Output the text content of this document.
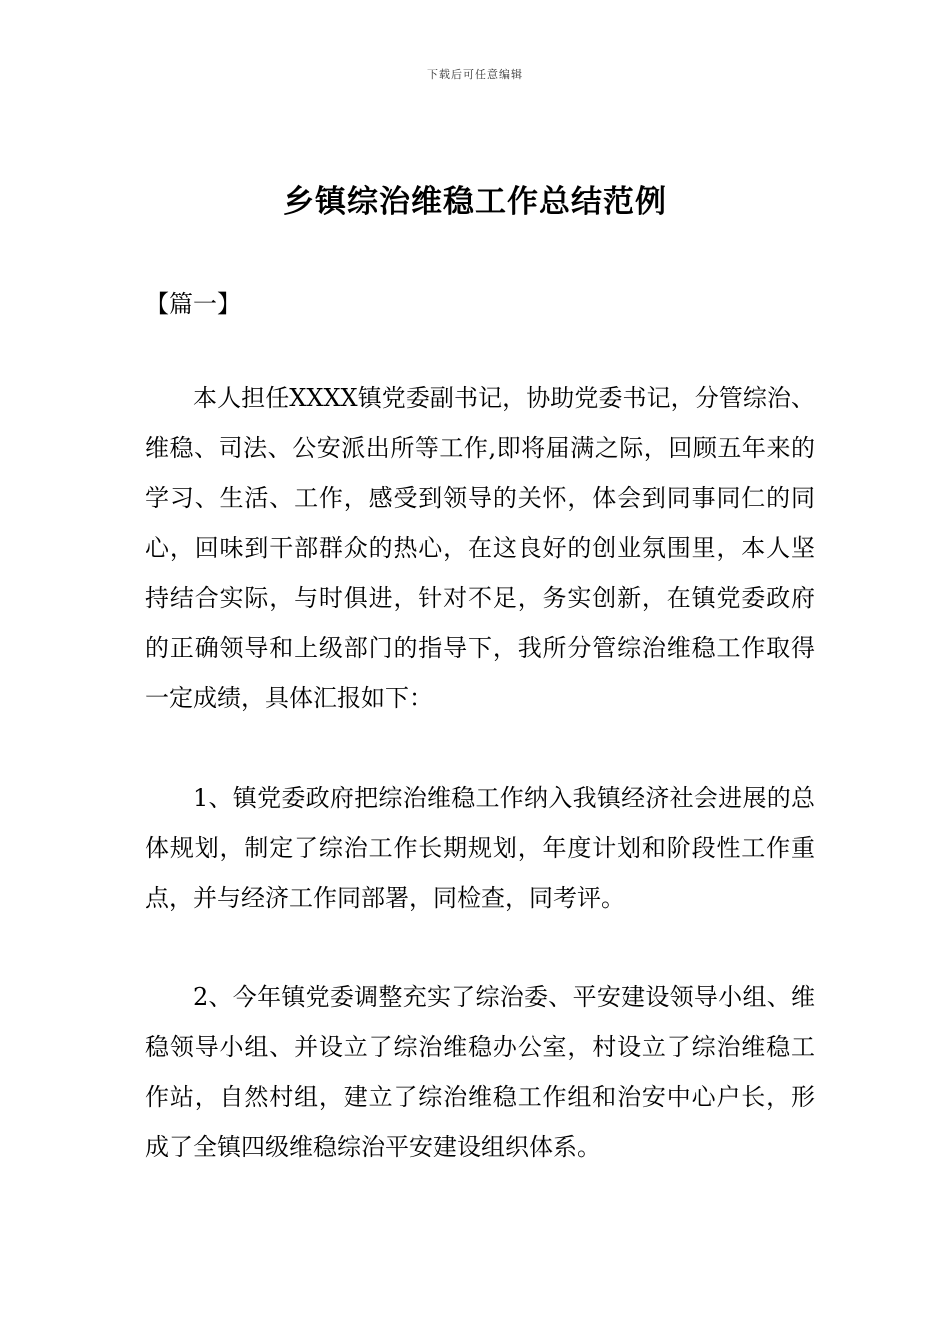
下载后可任意编辑
乡镇综治维稳工作总结范例
【篇一】

本人担任XXXX镇党委副书记，协助党委书记，分管综治、维稳、司法、公安派出所等工作,即将届满之际，回顾五年来的学习、生活、工作，感受到领导的关怀，体会到同事同仁的同心，回味到干部群众的热心，在这良好的创业氛围里，本人坚持结合实际，与时俱进，针对不足，务实创新，在镇党委政府的正确领导和上级部门的指导下，我所分管综治维稳工作取得一定成绩，具体汇报如下：

1、镇党委政府把综治维稳工作纳入我镇经济社会进展的总体规划，制定了综治工作长期规划，年度计划和阶段性工作重点，并与经济工作同部署，同检查，同考评。

2、今年镇党委调整充实了综治委、平安建设领导小组、维稳领导小组、并设立了综治维稳办公室，村设立了综治维稳工作站，自然村组，建立了综治维稳工作组和治安中心户长，形成了全镇四级维稳综治平安建设组织体系。
